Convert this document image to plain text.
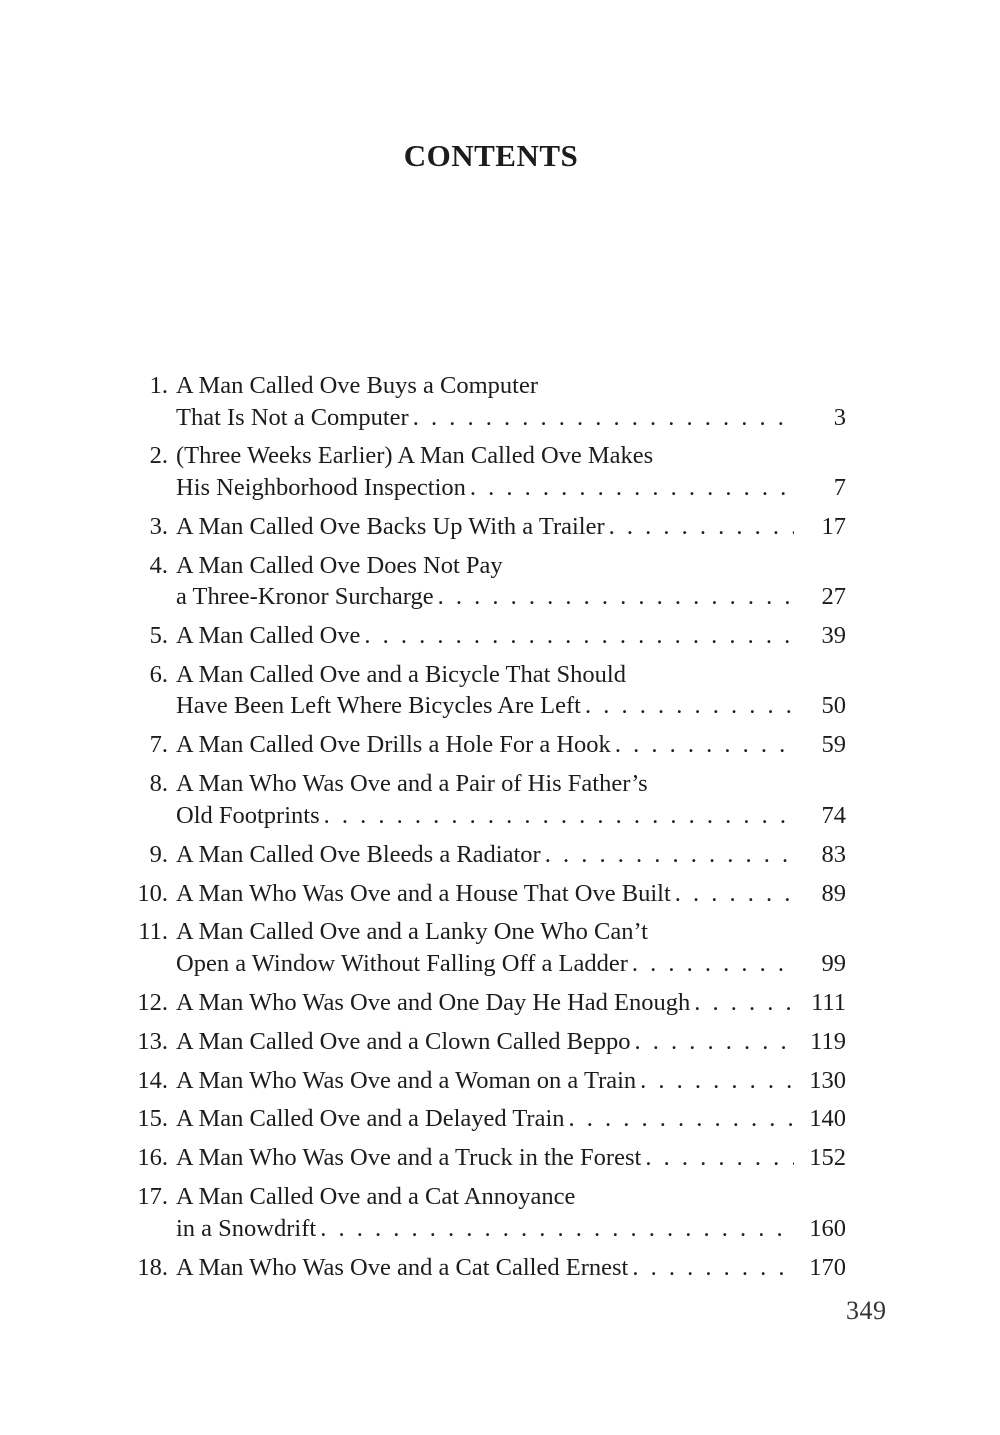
CONTENTS
1. A Man Called Ove Buys a Computer
That Is Not a Computer . . .	3
2. (Three Weeks Earlier) A Man Called Ove Makes
His Neighborhood Inspection . . .	7
3. A Man Called Ove Backs Up With a Trailer . . .	17
4. A Man Called Ove Does Not Pay
a Three-Kronor Surcharge . . .	27
5. A Man Called Ove . . .	39
6. A Man Called Ove and a Bicycle That Should
Have Been Left Where Bicycles Are Left . . .	50
7. A Man Called Ove Drills a Hole For a Hook . . .	59
8. A Man Who Was Ove and a Pair of His Father’s
Old Footprints . . .	74
9. A Man Called Ove Bleeds a Radiator . . .	83
10. A Man Who Was Ove and a House That Ove Built . . .	89
11. A Man Called Ove and a Lanky One Who Can’t
Open a Window Without Falling Off a Ladder . . .	99
12. A Man Who Was Ove and One Day He Had Enough . . .	111
13. A Man Called Ove and a Clown Called Beppo . . .	119
14. A Man Who Was Ove and a Woman on a Train . . .	130
15. A Man Called Ove and a Delayed Train . . .	140
16. A Man Who Was Ove and a Truck in the Forest . . .	152
17. A Man Called Ove and a Cat Annoyance
in a Snowdrift . . .	160
18. A Man Who Was Ove and a Cat Called Ernest . . .	170
349
